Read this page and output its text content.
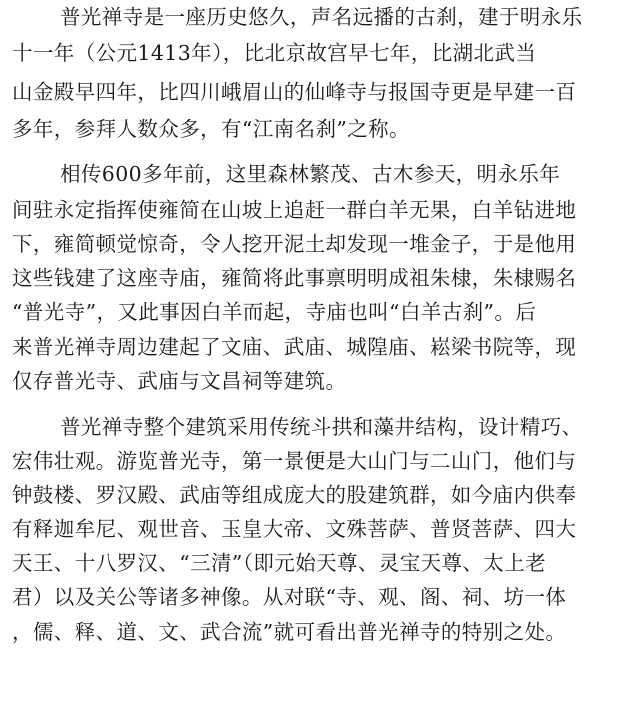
普光禅寺是一座历史悠久，声名远播的古刹，建于明永乐
十一年（公元1413年），比北京故宫早七年，比湖北武当
山金殿早四年，比四川峨眉山的仙峰寺与报国寺更是早建一百
多年，参拜人数众多，有“江南名刹”之称。
相传600多年前，这里森林繁茂、古木参天，明永乐年
间驻永定指挥使雍简在山坡上追赶一群白羊无果，白羊钻进地
下，雍简顿觉惊奇，令人挖开泥土却发现一堆金子，于是他用
这些钱建了这座寺庙，雍简将此事禀明明成祖朱棣，朱棣赐名
“普光寺”，又此事因白羊而起，寺庙也叫“白羊古刹”。后
来普光禅寺周边建起了文庙、武庙、城隍庙、崧梁书院等，现
仅存普光寺、武庙与文昌祠等建筑。
普光禅寺整个建筑采用传统斗拱和藻井结构，设计精巧、
宏伟壮观。游览普光寺，第一景便是大山门与二山门，他们与
钟鼓楼、罗汉殿、武庙等组成庞大的股建筑群，如今庙内供奉
有释迦牟尼、观世音、玉皇大帝、文殊菩萨、普贤菩萨、四大
天王、十八罗汉、“三清”（即元始天尊、灵宝天尊、太上老
君）以及关公等诸多神像。从对联“寺、观、阁、祠、坊一体
，儒、释、道、文、武合流”就可看出普光禅寺的特别之处。
